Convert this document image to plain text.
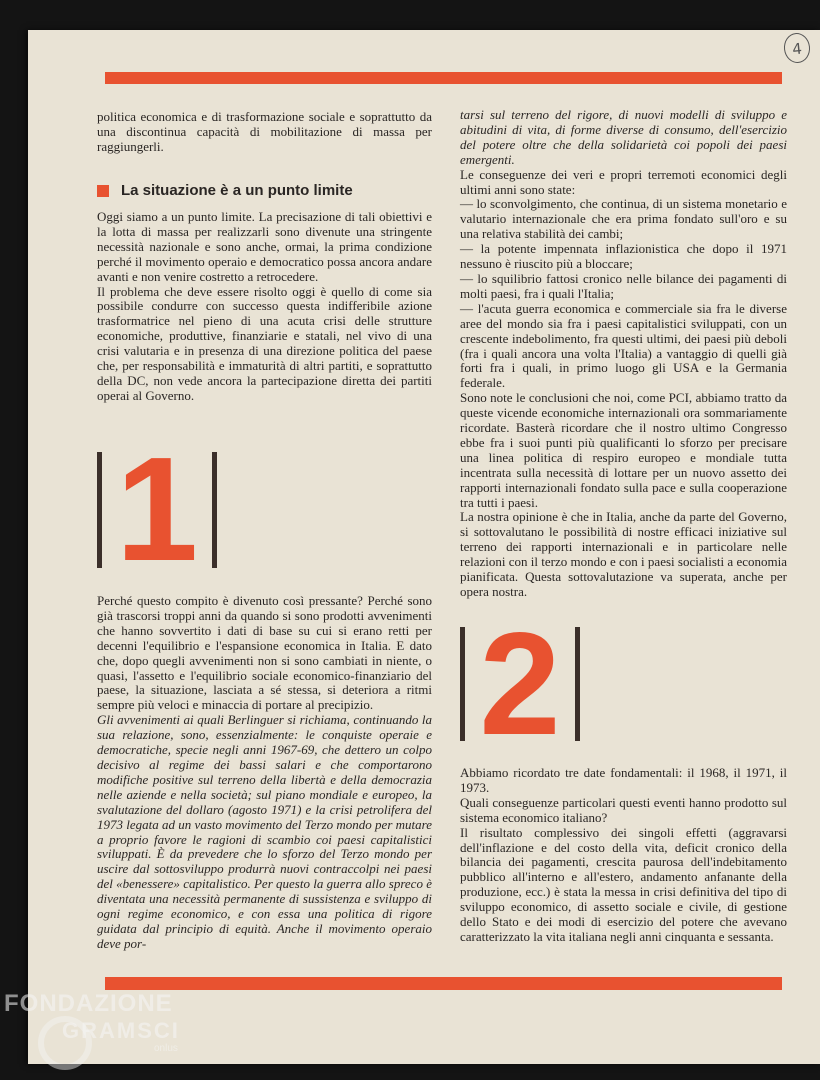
4

politica economica e di trasformazione sociale e soprattutto da una discontinua capacità di mobilitazione di massa per raggiungerli.

La situazione è a un punto limite

Oggi siamo a un punto limite. La precisazione di tali obiettivi e la lotta di massa per realizzarli sono divenute una stringente necessità nazionale e sono anche, ormai, la prima condizione perché il movimento operaio e democratico possa ancora andare avanti e non venire costretto a retrocedere.

Il problema che deve essere risolto oggi è quello di come sia possibile condurre con successo questa indifferibile azione trasformatrice nel pieno di una acuta crisi delle strutture economiche, produttive, finanziarie e statali, nel vivo di una crisi valutaria e in presenza di una direzione politica del paese che, per responsabilità e immaturità di altri partiti, e soprattutto della DC, non vede ancora la partecipazione diretta dei partiti operai al Governo.

1

Perché questo compito è divenuto così pressante? Perché sono già trascorsi troppi anni da quando si sono prodotti avvenimenti che hanno sovvertito i dati di base su cui si erano retti per decenni l'equilibrio e l'espansione economica in Italia. E dato che, dopo quegli avvenimenti non si sono cambiati in niente, o quasi, l'assetto e l'equilibrio sociale economico-finanziario del paese, la situazione, lasciata a sé stessa, si deteriora a ritmi sempre più veloci e minaccia di portare al precipizio.

Gli avvenimenti ai quali Berlinguer si richiama, continuando la sua relazione, sono, essenzialmente: le conquiste operaie e democratiche, specie negli anni 1967-69, che dettero un colpo decisivo al regime dei bassi salari e che comportarono modifiche positive sul terreno della libertà e della democrazia nelle aziende e nella società; sul piano mondiale e europeo, la svalutazione del dollaro (agosto 1971) e la crisi petrolifera del 1973 legata ad un vasto movimento del Terzo mondo per mutare a proprio favore le ragioni di scambio coi paesi capitalistici sviluppati. È da prevedere che lo sforzo del Terzo mondo per uscire dal sottosviluppo produrrà nuovi contraccolpi nei paesi del «benessere» capitalistico. Per questo la guerra allo spreco è diventata una necessità permanente di sussistenza e sviluppo di ogni regime economico, e con essa una politica di rigore guidata dal principio di equità. Anche il movimento operaio deve por-

tarsi sul terreno del rigore, di nuovi modelli di sviluppo e abitudini di vita, di forme diverse di consumo, dell'esercizio del potere oltre che della solidarietà coi popoli dei paesi emergenti.

Le conseguenze dei veri e propri terremoti economici degli ultimi anni sono state:

— lo sconvolgimento, che continua, di un sistema monetario e valutario internazionale che era prima fondato sull'oro e su una relativa stabilità dei cambi;

— la potente impennata inflazionistica che dopo il 1971 nessuno è riuscito più a bloccare;

— lo squilibrio fattosi cronico nelle bilance dei pagamenti di molti paesi, fra i quali l'Italia;

— l'acuta guerra economica e commerciale sia fra le diverse aree del mondo sia fra i paesi capitalistici sviluppati, con un crescente indebolimento, fra questi ultimi, dei paesi più deboli (fra i quali ancora una volta l'Italia) a vantaggio di quelli già forti fra i quali, in primo luogo gli USA e la Germania federale.

Sono note le conclusioni che noi, come PCI, abbiamo tratto da queste vicende economiche internazionali ora sommariamente ricordate. Basterà ricordare che il nostro ultimo Congresso ebbe fra i suoi punti più qualificanti lo sforzo per precisare una linea politica di respiro europeo e mondiale tutta incentrata sulla necessità di lottare per un nuovo assetto dei rapporti internazionali fondato sulla pace e sulla cooperazione tra tutti i paesi.

La nostra opinione è che in Italia, anche da parte del Governo, si sottovalutano le possibilità di nostre efficaci iniziative sul terreno dei rapporti internazionali e in particolare nelle relazioni con il terzo mondo e con i paesi socialisti a economia pianificata. Questa sottovalutazione va superata, anche per opera nostra.

2

Abbiamo ricordato tre date fondamentali: il 1968, il 1971, il 1973.

Quali conseguenze particolari questi eventi hanno prodotto sul sistema economico italiano?

Il risultato complessivo dei singoli effetti (aggravarsi dell'inflazione e del costo della vita, deficit cronico della bilancia dei pagamenti, crescita paurosa dell'indebitamento pubblico all'interno e all'estero, andamento anfanante della produzione, ecc.) è stata la messa in crisi definitiva del tipo di sviluppo economico, di assetto sociale e civile, di gestione dello Stato e dei modi di esercizio del potere che avevano caratterizzato la vita italiana negli anni cinquanta e sessanta.

FONDAZIONE
GRAMSCI
onlus
